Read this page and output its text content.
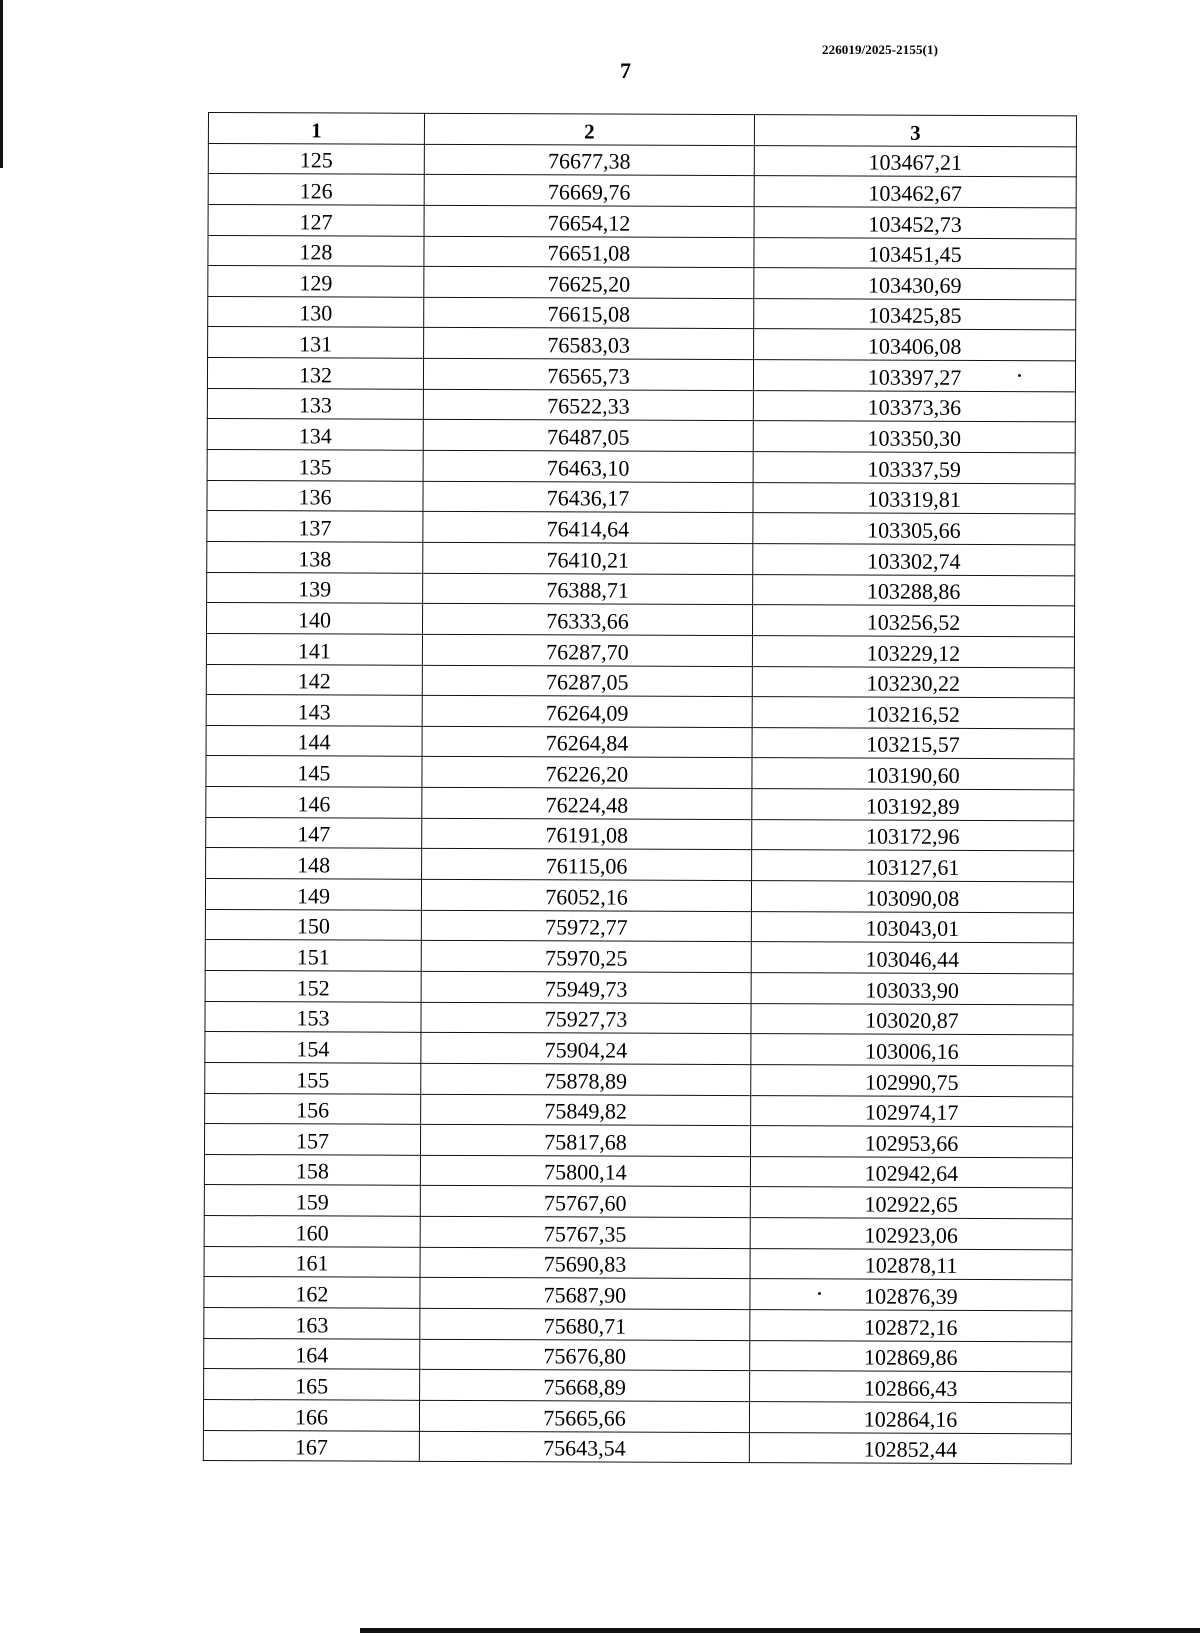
226019/2025-2155(1)
7
1	2	3
125	76677,38	103467,21
126	76669,76	103462,67
127	76654,12	103452,73
128	76651,08	103451,45
129	76625,20	103430,69
130	76615,08	103425,85
131	76583,03	103406,08
132	76565,73	103397,27
133	76522,33	103373,36
134	76487,05	103350,30
135	76463,10	103337,59
136	76436,17	103319,81
137	76414,64	103305,66
138	76410,21	103302,74
139	76388,71	103288,86
140	76333,66	103256,52
141	76287,70	103229,12
142	76287,05	103230,22
143	76264,09	103216,52
144	76264,84	103215,57
145	76226,20	103190,60
146	76224,48	103192,89
147	76191,08	103172,96
148	76115,06	103127,61
149	76052,16	103090,08
150	75972,77	103043,01
151	75970,25	103046,44
152	75949,73	103033,90
153	75927,73	103020,87
154	75904,24	103006,16
155	75878,89	102990,75
156	75849,82	102974,17
157	75817,68	102953,66
158	75800,14	102942,64
159	75767,60	102922,65
160	75767,35	102923,06
161	75690,83	102878,11
162	75687,90	102876,39
163	75680,71	102872,16
164	75676,80	102869,86
165	75668,89	102866,43
166	75665,66	102864,16
167	75643,54	102852,44
